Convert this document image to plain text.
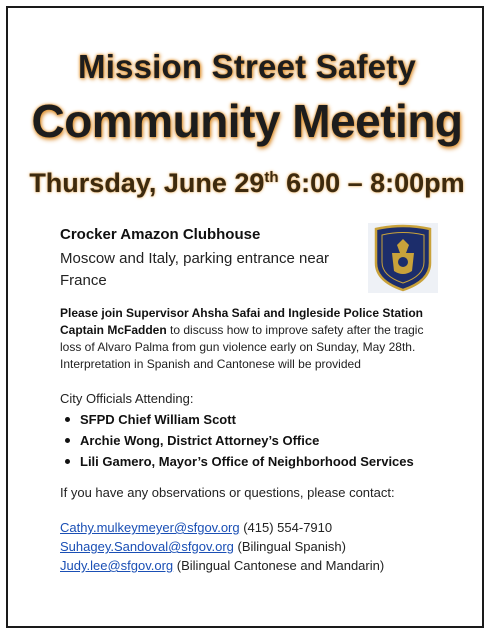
Mission Street Safety
Community Meeting
Thursday, June 29th 6:00 – 8:00pm
Crocker Amazon Clubhouse
Moscow and Italy, parking entrance near France
Please join Supervisor Ahsha Safai and Ingleside Police Station Captain McFadden to discuss how to improve safety after the tragic loss of Alvaro Palma from gun violence early on Sunday, May 28th.
Interpretation in Spanish and Cantonese will be provided
City Officials Attending:
SFPD Chief William Scott
Archie Wong, District Attorney’s Office
Lili Gamero, Mayor’s Office of Neighborhood Services
If you have any observations or questions, please contact:
Cathy.mulkeymeyer@sfgov.org (415) 554-7910
Suhagey.Sandoval@sfgov.org (Bilingual Spanish)
Judy.lee@sfgov.org (Bilingual Cantonese and Mandarin)
